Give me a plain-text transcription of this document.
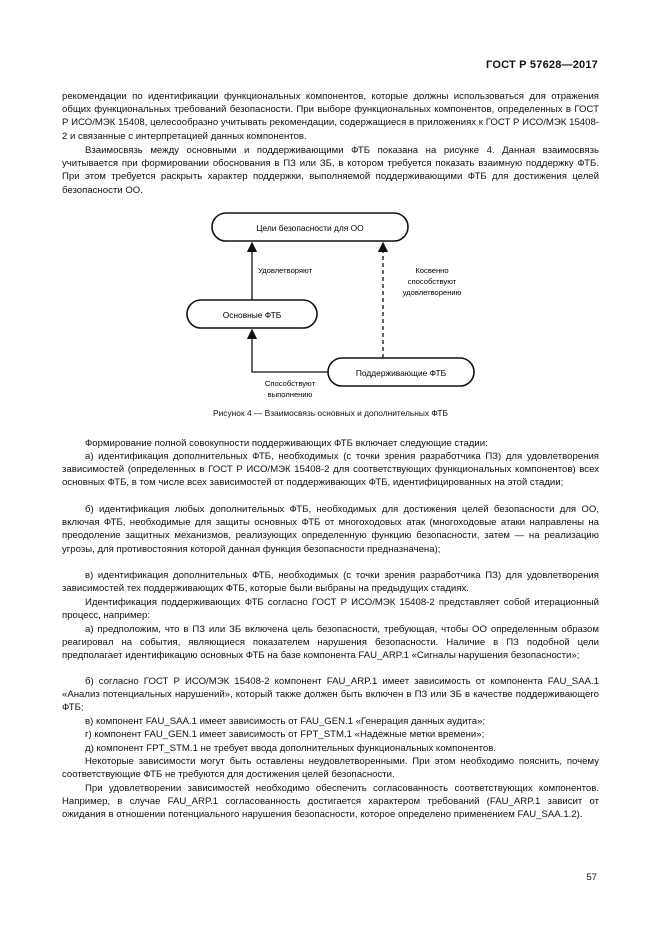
ГОСТ Р 57628—2017

рекомендации по идентификации функциональных компонентов, которые должны использоваться для отражения общих функциональных требований безопасности. При выборе функциональных компонентов, определенных в ГОСТ Р ИСО/МЭК 15408, целесообразно учитывать рекомендации, содержащиеся в приложениях к ГОСТ Р ИСО/МЭК 15408-2 и связанные с интерпретацией данных компонентов.

Взаимосвязь между основными и поддерживающими ФТБ показана на рисунке 4. Данная взаимосвязь учитывается при формировании обоснования в ПЗ или ЗБ, в котором требуется показать взаимную поддержку ФТБ. При этом требуется раскрыть характер поддержки, выполняемой поддерживающими ФТБ для достижения целей безопасности ОО.

Цели безопасности для ОО
Основные ФТБ
Поддерживающие ФТБ
Удовлетворяют	Косвенно
способствуют
удовлетворению
Способствуют
выполнению
Рисунок 4 — Взаимосвязь основных и дополнительных ФТБ

Формирование полной совокупности поддерживающих ФТБ включает следующие стадии:

а) идентификация дополнительных ФТБ, необходимых (с точки зрения разработчика ПЗ) для удовлетворения зависимостей (определенных в ГОСТ Р ИСО/МЭК 15408-2 для соответствующих функциональных компонентов) всех основных ФТБ, в том числе всех зависимостей от поддерживающих ФТБ, идентифицированных на этой стадии;

б) идентификация любых дополнительных ФТБ, необходимых для достижения целей безопасности для ОО, включая ФТБ, необходимые для защиты основных ФТБ от многоходовых атак (многоходовые атаки направлены на преодоление защитных механизмов, реализующих определенную функцию безопасности, затем — на реализацию угрозы, для противостояния которой данная функция безопасности предназначена);

в) идентификация дополнительных ФТБ, необходимых (с точки зрения разработчика ПЗ) для удовлетворения зависимостей тех поддерживающих ФТБ, которые были выбраны на предыдущих стадиях.

Идентификация поддерживающих ФТБ согласно ГОСТ Р ИСО/МЭК 15408-2 представляет собой итерационный процесс, например:

а) предположим, что в ПЗ или ЗБ включена цель безопасности, требующая, чтобы ОО определенным образом реагировал на события, являющиеся показателем нарушения безопасности. Наличие в ПЗ подобной цели предполагает идентификацию основных ФТБ на базе компонента FAU_ARP.1 «Сигналы нарушения безопасности»;

б) согласно ГОСТ Р ИСО/МЭК 15408-2 компонент FAU_ARP.1 имеет зависимость от компонента FAU_SAA.1 «Анализ потенциальных нарушений», который также должен быть включен в ПЗ или ЗБ в качестве поддерживающего ФТБ;

в) компонент FAU_SAA.1 имеет зависимость от FAU_GEN.1 «Генерация данных аудита»;

г) компонент FAU_GEN.1 имеет зависимость от FPT_STM.1 «Надежные метки времени»;

д) компонент FPT_STM.1 не требует ввода дополнительных функциональных компонентов.

Некоторые зависимости могут быть оставлены неудовлетворенными. При этом необходимо пояснить, почему соответствующие ФТБ не требуются для достижения целей безопасности.

При удовлетворении зависимостей необходимо обеспечить согласованность соответствующих компонентов. Например, в случае FAU_ARP.1 согласованность достигается характером требований (FAU_ARP.1 зависит от ожидания в отношении потенциального нарушения безопасности, которое определено применением FAU_SAA.1.2).

57
